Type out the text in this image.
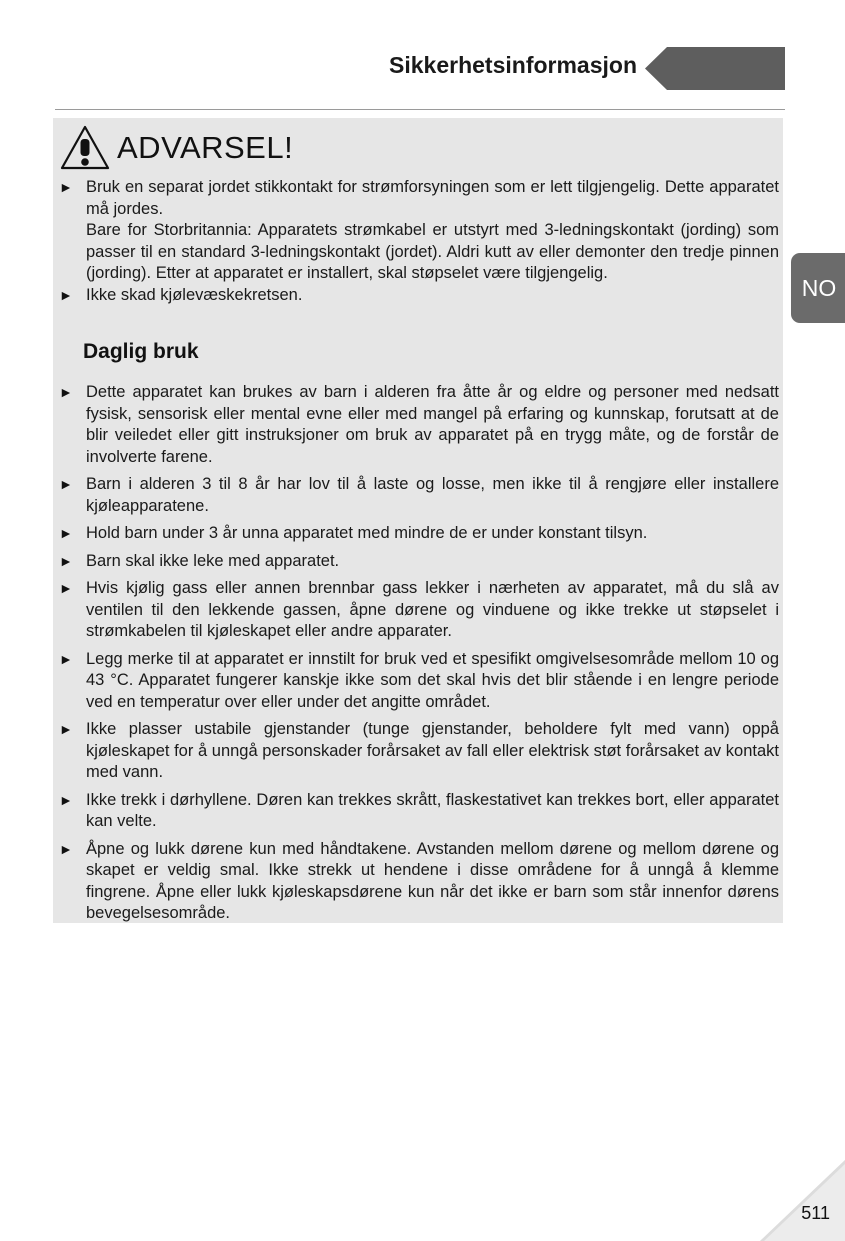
Sikkerhetsinformasjon
NO
ADVARSEL!
► Bruk en separat jordet stikkontakt for strømforsyningen som er lett tilgjengelig. Dette apparatet må jordes.
Bare for Storbritannia: Apparatets strømkabel er utstyrt med 3-ledningskontakt (jording) som passer til en standard 3-ledningskontakt (jordet). Aldri kutt av eller demonter den tredje pinnen (jording). Etter at apparatet er installert, skal støpselet være tilgjengelig.
► Ikke skad kjølevæskekretsen.
Daglig bruk
► Dette apparatet kan brukes av barn i alderen fra åtte år og eldre og personer med nedsatt fysisk, sensorisk eller mental evne eller med mangel på erfaring og kunnskap, forutsatt at de blir veiledet eller gitt instruksjoner om bruk av apparatet på en trygg måte, og de forstår de involverte farene.
► Barn i alderen 3 til 8 år har lov til å laste og losse, men ikke til å rengjøre eller installere kjøleapparatene.
► Hold barn under 3 år unna apparatet med mindre de er under konstant tilsyn.
► Barn skal ikke leke med apparatet.
► Hvis kjølig gass eller annen brennbar gass lekker i nærheten av apparatet, må du slå av ventilen til den lekkende gassen, åpne dørene og vinduene og ikke trekke ut støpselet i strømkabelen til kjøleskapet eller andre apparater.
► Legg merke til at apparatet er innstilt for bruk ved et spesifikt omgivelsesområde mellom 10 og 43 °C. Apparatet fungerer kanskje ikke som det skal hvis det blir stående i en lengre periode ved en temperatur over eller under det angitte området.
► Ikke plasser ustabile gjenstander (tunge gjenstander, beholdere fylt med vann) oppå kjøleskapet for å unngå personskader forårsaket av fall eller elektrisk støt forårsaket av kontakt med vann.
► Ikke trekk i dørhyllene. Døren kan trekkes skrått, flaskestativet kan trekkes bort, eller apparatet kan velte.
► Åpne og lukk dørene kun med håndtakene. Avstanden mellom dørene og mellom dørene og skapet er veldig smal. Ikke strekk ut hendene i disse områdene for å unngå å klemme fingrene. Åpne eller lukk kjøleskapsdørene kun når det ikke er barn som står innenfor dørens bevegelsesområde.
511
